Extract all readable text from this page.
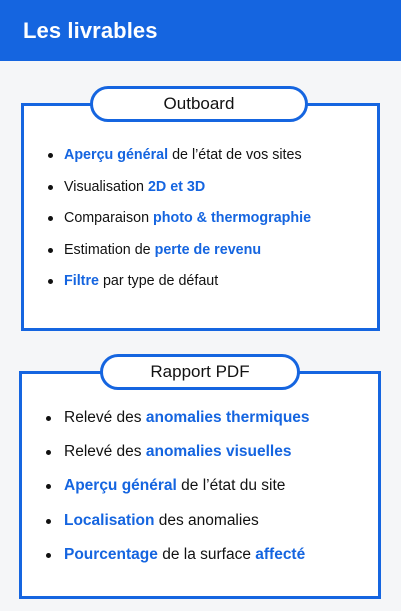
Les livrables
Outboard
Aperçu général de l’état de vos sites
Visualisation 2D et 3D
Comparaison photo & thermographie
Estimation de perte de revenu
Filtre par type de défaut
Rapport PDF
Relevé des anomalies thermiques
Relevé des anomalies visuelles
Aperçu général de l’état du site
Localisation des anomalies
Pourcentage de la surface affecté
